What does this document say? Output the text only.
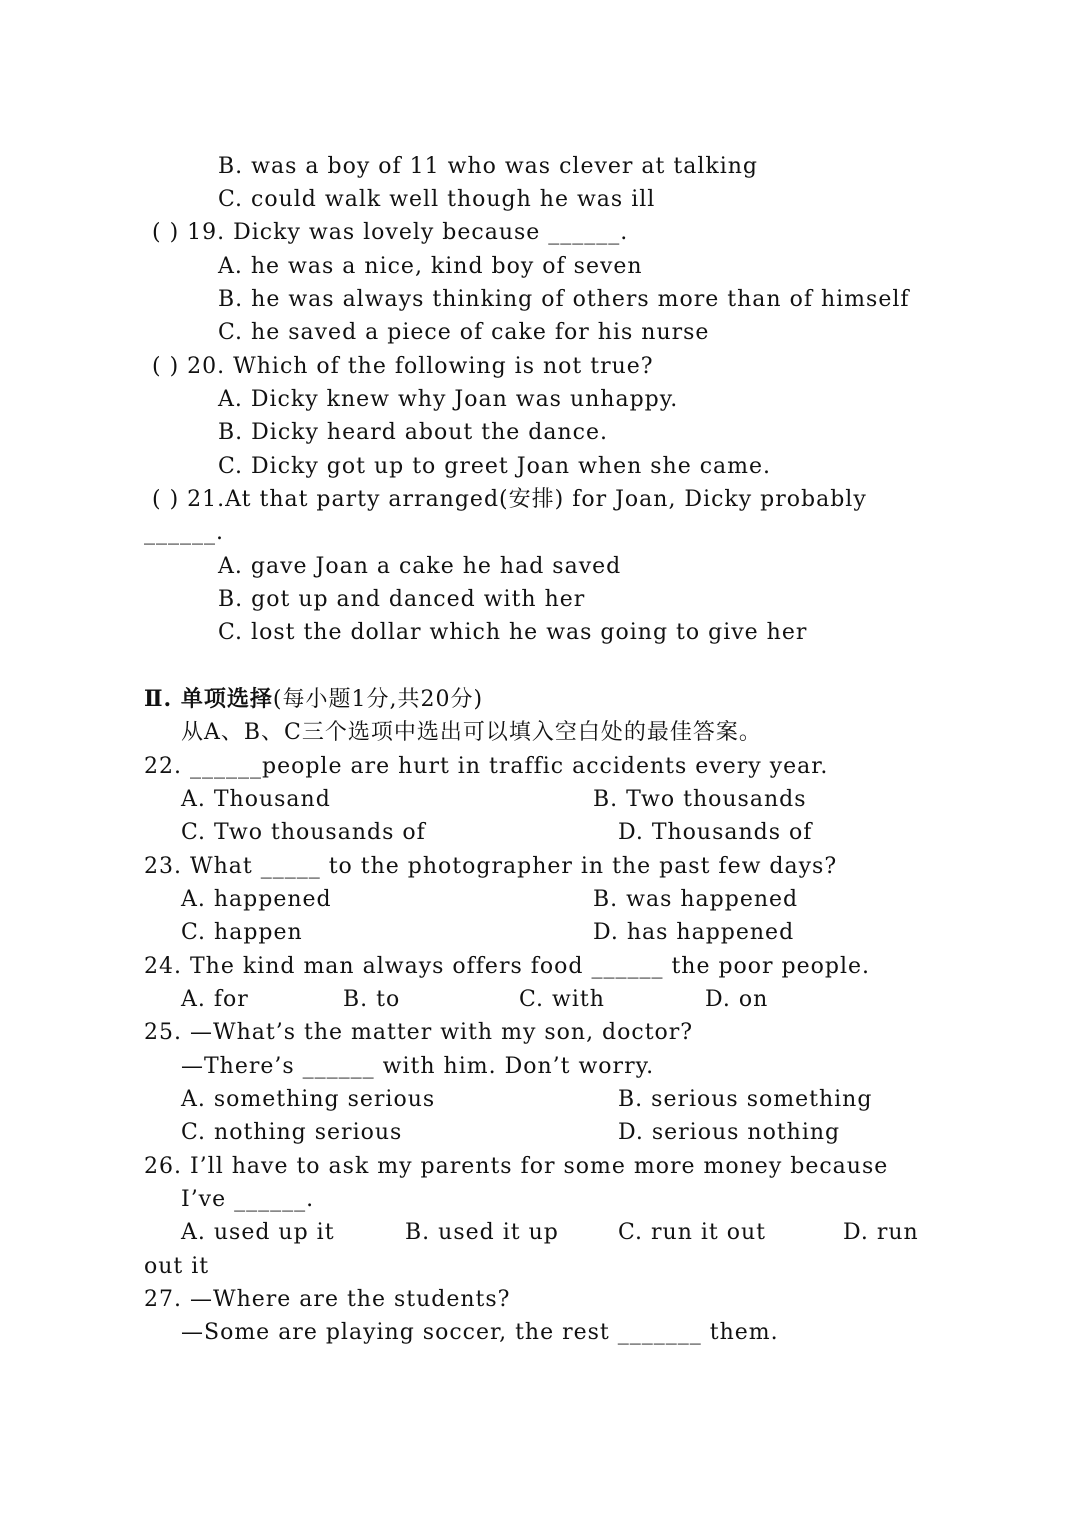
B. was a boy of 11 who was clever at talking
C. could walk well though he was ill
( ) 19. Dicky was lovely because ______.
A. he was a nice, kind boy of seven
B. he was always thinking of others more than of himself
C. he saved a piece of cake for his nurse
( ) 20. Which of the following is not true?
A. Dicky knew why Joan was unhappy.
B. Dicky heard about the dance.
C. Dicky got up to greet Joan when she came.
( ) 21.At that party arranged(安排) for Joan, Dicky probably
______.
A. gave Joan a cake he had saved
B. got up and danced with her
C. lost the dollar which he was going to give her
Ⅱ. 单项选择(每小题1分,共20分)
从A、B、C三个选项中选出可以填入空白处的最佳答案。
22. ______people are hurt in traffic accidents every year.
A. Thousand	B. Two thousands
C. Two thousands of	D. Thousands of
23. What _____ to the photographer in the past few days?
A. happened	B. was happened
C. happen	D. has happened
24. The kind man always offers food ______ the poor people.
A. for	B. to	C. with	D. on
25. —What’s the matter with my son, doctor?
—There’s ______ with him. Don’t worry.
A. something serious	B. serious something
C. nothing serious	D. serious nothing
26. I’ll have to ask my parents for some more money because
I’ve ______.
A. used up it	B. used it up	C. run it out	D. run
out it
27. —Where are the students?
—Some are playing soccer, the rest _______ them.
